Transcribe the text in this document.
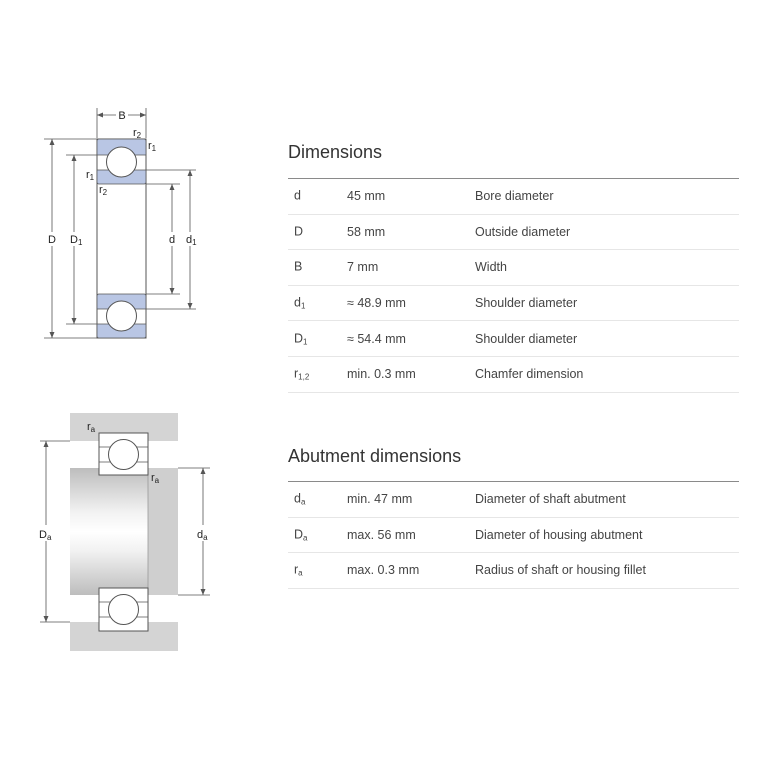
B
r2
r1
r1
r2
D D1	d d1
ra
ra
Da	da
Dimensions
d	45 mm	Bore diameter
D	58 mm	Outside diameter
B	7 mm	Width
$d_1$	≈ 48.9 mm	Shoulder diameter
$D_1$	≈ 54.4 mm	Shoulder diameter
$r_{1,2}$	min. 0.3 mm	Chamfer dimension
Abutment dimensions
$d_a$	min. 47 mm	Diameter of shaft abutment
$D_a$	max. 56 mm	Diameter of housing abutment
$r_a$	max. 0.3 mm	Radius of shaft or housing fillet
